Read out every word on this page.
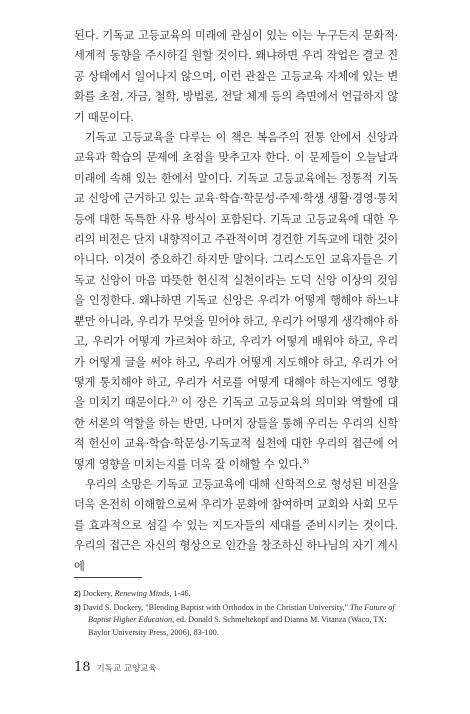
된다. 기독교 고등교육의 미래에 관심이 있는 이는 누구든지 문화적·세계적 동향을 주시하길 원할 것이다. 왜냐하면 우리 작업은 결코 진공 상태에서 일어나지 않으며, 이런 관찰은 고등교육 자체에 있는 변화를 초점, 자금, 철학, 방법론, 전달 체계 등의 측면에서 언급하지 않기 때문이다.

기독교 고등교육을 다루는 이 책은 복음주의 전통 안에서 신앙과 교육과 학습의 문제에 초점을 맞추고자 한다. 이 문제들이 오늘날과 미래에 속해 있는 한에서 말이다. 기독교 고등교육에는 정통적 기독교 신앙에 근거하고 있는 교육·학습·학문성·주제·학생 생활·경영·통치 등에 대한 독특한 사유 방식이 포함된다. 기독교 고등교육에 대한 우리의 비전은 단지 내향적이고 주관적이며 경건한 기독교에 대한 것이 아니다. 이것이 중요하긴 하지만 말이다. 그리스도인 교육자들은 기독교 신앙이 마음 따뜻한 헌신적 실천이라는 도덕 신앙 이상의 것임을 인정한다. 왜냐하면 기독교 신앙은 우리가 어떻게 행해야 하느냐 뿐만 아니라, 우리가 무엇을 믿어야 하고, 우리가 어떻게 생각해야 하고, 우리가 어떻게 가르쳐야 하고, 우리가 어떻게 배워야 하고, 우리가 어떻게 글을 써야 하고, 우리가 어떻게 지도해야 하고, 우리가 어떻게 통치해야 하고, 우리가 서로를 어떻게 대해야 하는지에도 영향을 미치기 때문이다.$^{2)}$ 이 장은 기독교 고등교육의 의미와 역할에 대한 서론의 역할을 하는 반면, 나머지 장들을 통해 우리는 우리의 신학적 헌신이 교육·학습·학문성·기독교적 실천에 대한 우리의 접근에 어떻게 영향을 미치는지를 더욱 잘 이해할 수 있다.$^{3)}$

우리의 소망은 기독교 고등교육에 대해 신학적으로 형성된 비전을 더욱 온전히 이해함으로써 우리가 문화에 참여하며 교회와 사회 모두를 효과적으로 섬길 수 있는 지도자들의 세대를 준비시키는 것이다. 우리의 접근은 자신의 형상으로 인간을 창조하신 하나님의 자기 계시에

2) Dockery, Renewing Minds, 1-46.

3) David S. Dockery, "Blending Baptist with Orthodox in the Christian University," The Future of Baptist Higher Education, ed. Donald S. Schmeltekopf and Dianna M. Vitanza (Waco, TX: Baylor University Press, 2006), 83-100.

18 기독교 교양교육
